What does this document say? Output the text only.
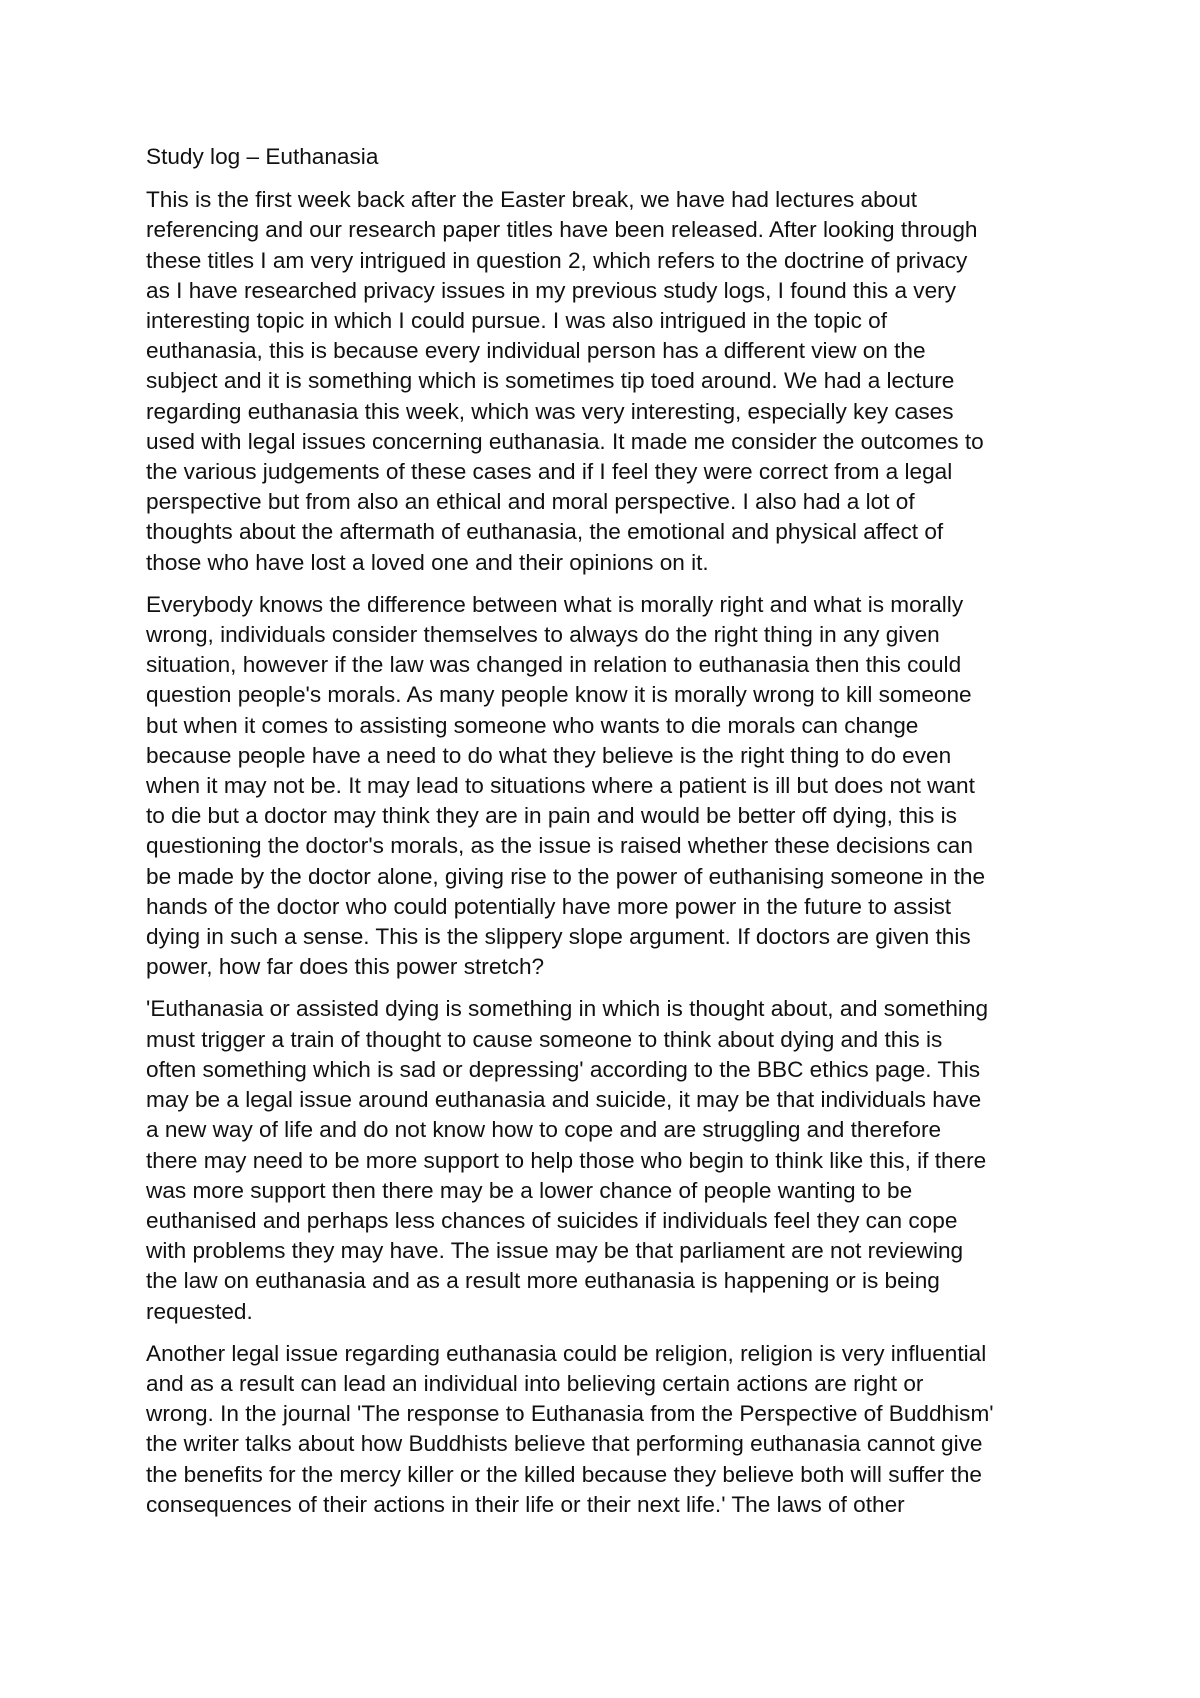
Study log – Euthanasia
This is the first week back after the Easter break, we have had lectures about
referencing and our research paper titles have been released. After looking through
these titles I am very intrigued in question 2, which refers to the doctrine of privacy
as I have researched privacy issues in my previous study logs, I found this a very
interesting topic in which I could pursue. I was also intrigued in the topic of
euthanasia, this is because every individual person has a different view on the
subject and it is something which is sometimes tip toed around. We had a lecture
regarding euthanasia this week, which was very interesting, especially key cases
used with legal issues concerning euthanasia. It made me consider the outcomes to
the various judgements of these cases and if I feel they were correct from a legal
perspective but from also an ethical and moral perspective. I also had a lot of
thoughts about the aftermath of euthanasia, the emotional and physical affect of
those who have lost a loved one and their opinions on it.
Everybody knows the difference between what is morally right and what is morally
wrong, individuals consider themselves to always do the right thing in any given
situation, however if the law was changed in relation to euthanasia then this could
question people's morals. As many people know it is morally wrong to kill someone
but when it comes to assisting someone who wants to die morals can change
because people have a need to do what they believe is the right thing to do even
when it may not be. It may lead to situations where a patient is ill but does not want
to die but a doctor may think they are in pain and would be better off dying, this is
questioning the doctor's morals, as the issue is raised whether these decisions can
be made by the doctor alone, giving rise to the power of euthanising someone in the
hands of the doctor who could potentially have more power in the future to assist
dying in such a sense. This is the slippery slope argument. If doctors are given this
power, how far does this power stretch?
'Euthanasia or assisted dying is something in which is thought about, and something
must trigger a train of thought to cause someone to think about dying and this is
often something which is sad or depressing' according to the BBC ethics page. This
may be a legal issue around euthanasia and suicide, it may be that individuals have
a new way of life and do not know how to cope and are struggling and therefore
there may need to be more support to help those who begin to think like this, if there
was more support then there may be a lower chance of people wanting to be
euthanised and perhaps less chances of suicides if individuals feel they can cope
with problems they may have. The issue may be that parliament are not reviewing
the law on euthanasia and as a result more euthanasia is happening or is being
requested.
Another legal issue regarding euthanasia could be religion, religion is very influential
and as a result can lead an individual into believing certain actions are right or
wrong. In the journal 'The response to Euthanasia from the Perspective of Buddhism'
the writer talks about how Buddhists believe that performing euthanasia cannot give
the benefits for the mercy killer or the killed because they believe both will suffer the
consequences of their actions in their life or their next life.' The laws of other
